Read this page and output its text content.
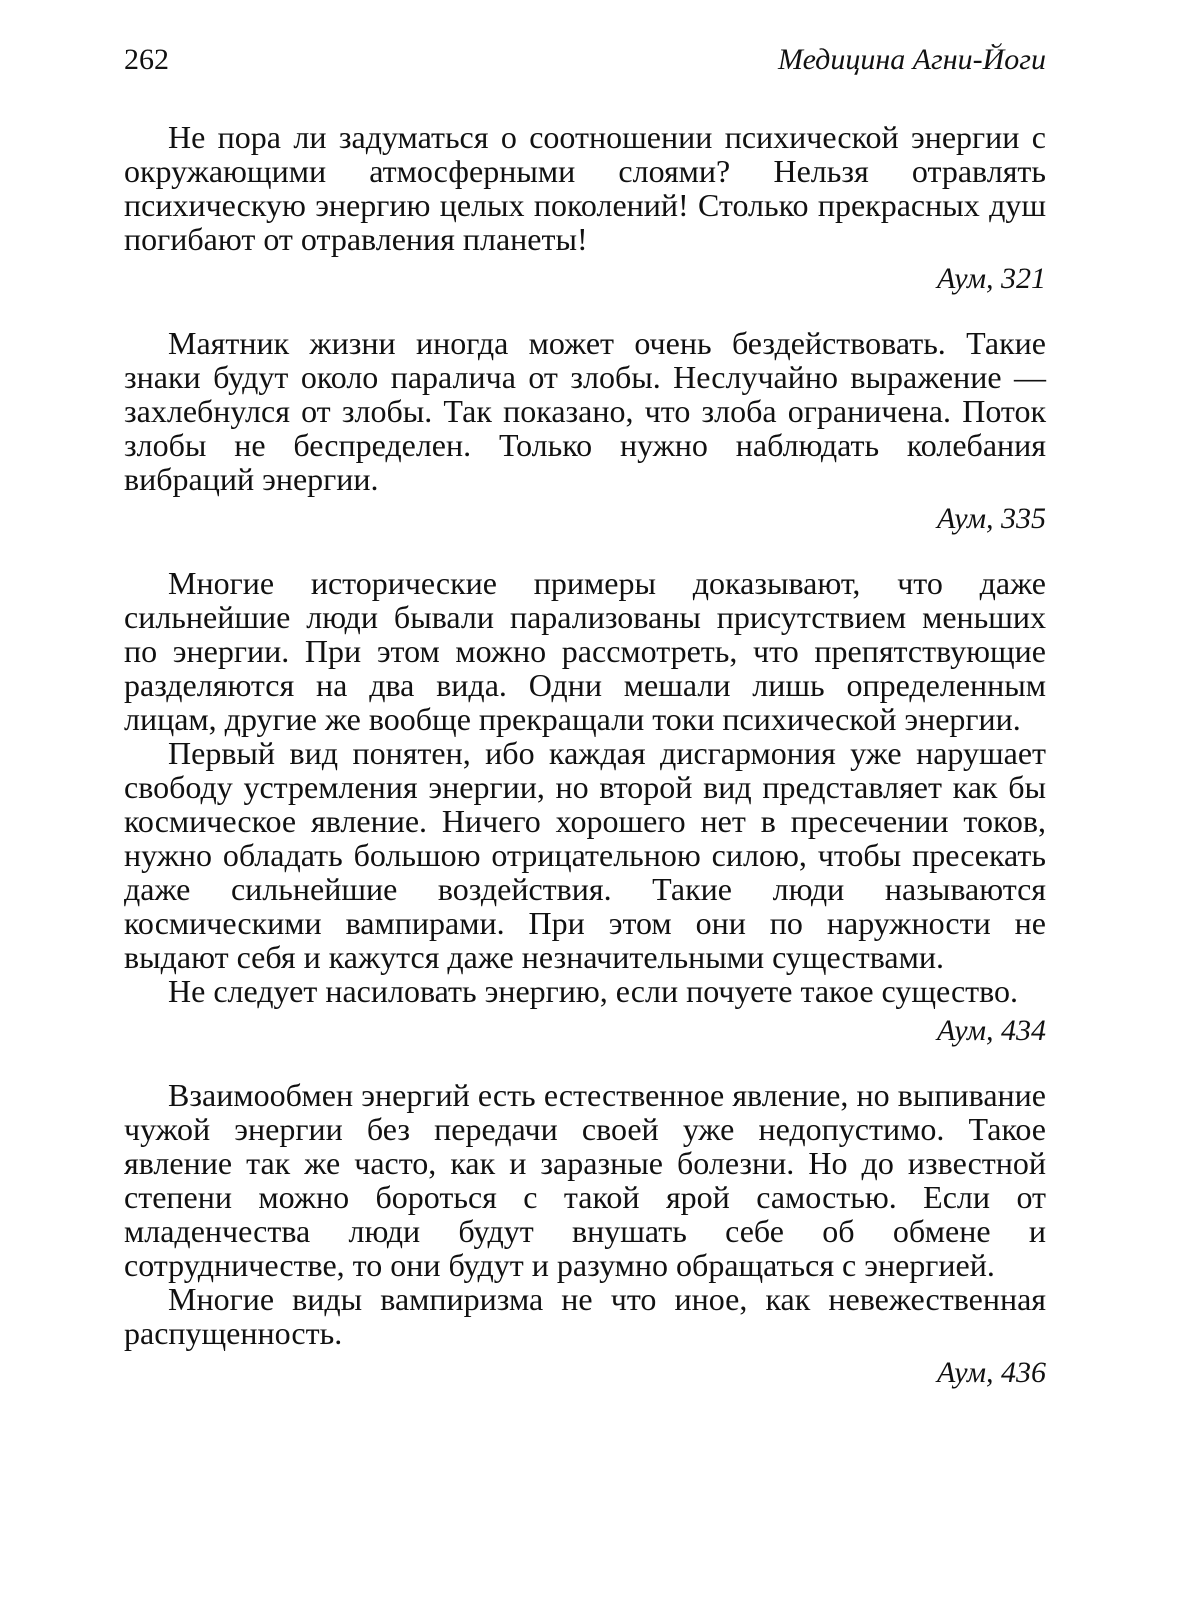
262	Медицина Агни-Йоги

Не пора ли задуматься о соотношении психической энергии с окружающими атмосферными слоями? Нельзя отравлять психическую энергию целых поколений! Столько прекрасных душ погибают от отравления планеты!

Аум, 321

Маятник жизни иногда может очень бездействовать. Такие знаки будут около паралича от злобы. Неслучайно выражение — захлебнулся от злобы. Так показано, что злоба ограничена. Поток злобы не беспределен. Только нужно наблюдать колебания вибраций энергии.

Аум, 335

Многие исторические примеры доказывают, что даже сильнейшие люди бывали парализованы присутствием меньших по энергии. При этом можно рассмотреть, что препятствующие разделяются на два вида. Одни мешали лишь определенным лицам, другие же вообще прекращали токи психической энергии.

Первый вид понятен, ибо каждая дисгармония уже нарушает свободу устремления энергии, но второй вид представляет как бы космическое явление. Ничего хорошего нет в пресечении токов, нужно обладать большою отрицательною силою, чтобы пресекать даже сильнейшие воздействия. Такие люди называются космическими вампирами. При этом они по наружности не выдают себя и кажутся даже незначительными существами.

Не следует насиловать энергию, если почуете такое существо.

Аум, 434

Взаимообмен энергий есть естественное явление, но выпивание чужой энергии без передачи своей уже недопустимо. Такое явление так же часто, как и заразные болезни. Но до известной степени можно бороться с такой ярой самостью. Если от младенчества люди будут внушать себе об обмене и сотрудничестве, то они будут и разумно обращаться с энергией.

Многие виды вампиризма не что иное, как невежественная распущенность.

Аум, 436
